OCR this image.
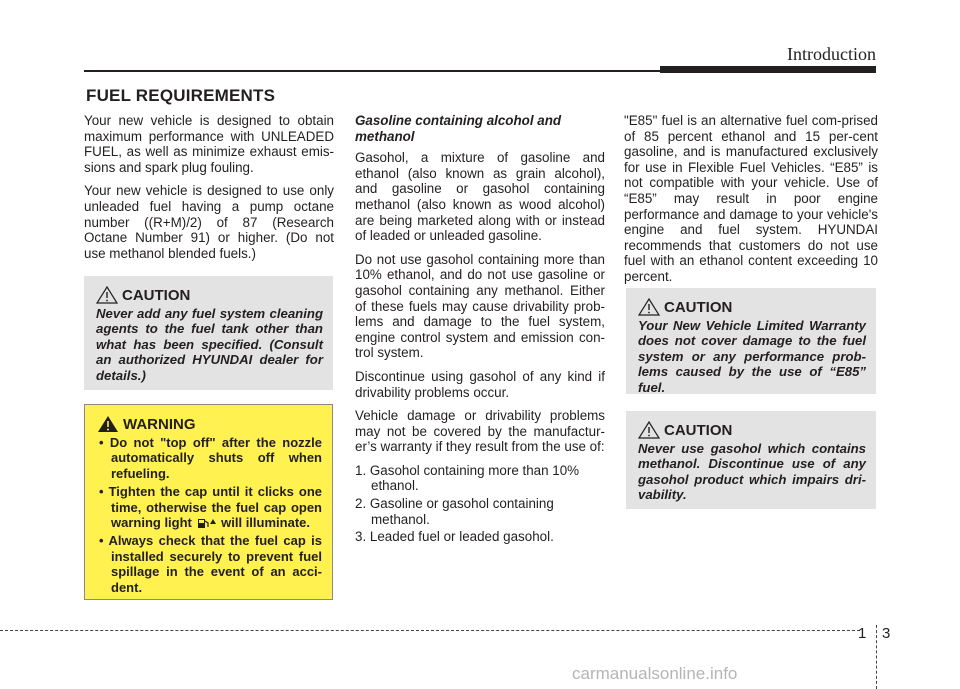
Introduction
FUEL REQUIREMENTS

Your new vehicle is designed to obtain maximum performance with UNLEADED FUEL, as well as minimize exhaust emis-sions and spark plug fouling.

Your new vehicle is designed to use only unleaded fuel having a pump octane number ((R+M)/2) of 87 (Research Octane Number 91) or higher. (Do not use methanol blended fuels.)

CAUTION
Never add any fuel system cleaning agents to the fuel tank other than what has been specified. (Consult an authorized HYUNDAI dealer for details.)
WARNING
• Do not "top off" after the nozzle automatically shuts off when refueling.
• Tighten the cap until it clicks one time, otherwise the fuel cap open warning light will illuminate.
• Always check that the fuel cap is installed securely to prevent fuel spillage in the event of an acci-dent.
Gasoline containing alcohol and methanol

Gasohol, a mixture of gasoline and ethanol (also known as grain alcohol), and gasoline or gasohol containing methanol (also known as wood alcohol) are being marketed along with or instead of leaded or unleaded gasoline.

Do not use gasohol containing more than 10% ethanol, and do not use gasoline or gasohol containing any methanol. Either of these fuels may cause drivability prob-lems and damage to the fuel system, engine control system and emission con-trol system.

Discontinue using gasohol of any kind if drivability problems occur.

Vehicle damage or drivability problems may not be covered by the manufactur-er’s warranty if they result from the use of:

1. Gasohol containing more than 10% ethanol.
2. Gasoline or gasohol containing methanol.
3. Leaded fuel or leaded gasohol.

"E85" fuel is an alternative fuel com-prised of 85 percent ethanol and 15 per-cent gasoline, and is manufactured exclusively for use in Flexible Fuel Vehicles. “E85” is not compatible with your vehicle. Use of “E85” may result in poor engine performance and damage to your vehicle's engine and fuel system. HYUNDAI recommends that customers do not use fuel with an ethanol content exceeding 10 percent.

CAUTION
Your New Vehicle Limited Warranty does not cover damage to the fuel system or any performance prob-lems caused by the use of “E85” fuel.
CAUTION
Never use gasohol which contains methanol. Discontinue use of any gasohol product which impairs dri-vability.
1 3
carmanualsonline.info
